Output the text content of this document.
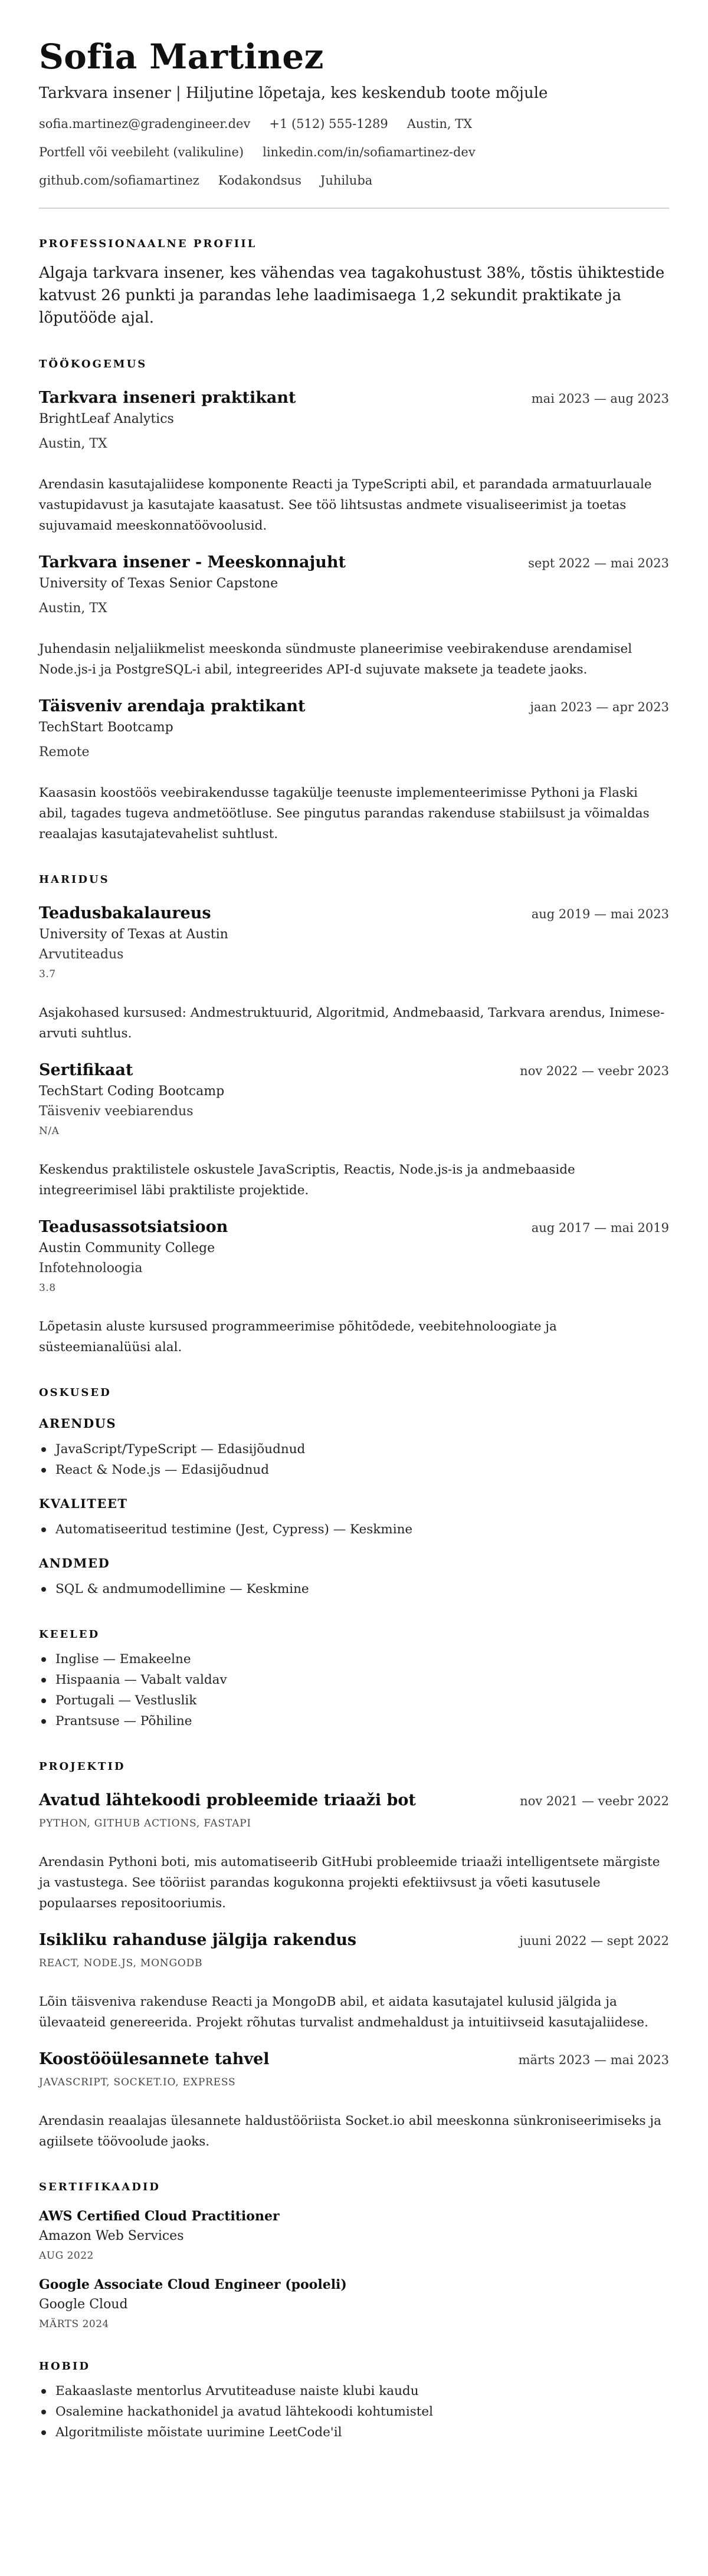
Sofia Martinez
Tarkvara insener | Hiljutine lõpetaja, kes keskendub toote mõjule
sofia.martinez@gradengineer.dev +1 (512) 555-1289 Austin, TX
Portfell või veebileht (valikuline) linkedin.com/in/sofiamartinez-dev
github.com/sofiamartinez Kodakondsus Juhiluba
PROFESSIONAALNE PROFIIL

Algaja tarkvara insener, kes vähendas vea tagakohustust 38%, tõstis ühiktestide katvust 26 punkti ja parandas lehe laadimisaega 1,2 sekundit praktikate ja lõputööde ajal.

TÖÖKOGEMUS
Tarkvara inseneri praktikant	mai 2023 — aug 2023
BrightLeaf Analytics
Austin, TX

Arendasin kasutajaliidese komponente Reacti ja TypeScripti abil, et parandada armatuurlauale vastupidavust ja kasutajate kaasatust. See töö lihtsustas andmete visualiseerimist ja toetas sujuvamaid meeskonnatöövoolusid.

Tarkvara insener - Meeskonnajuht	sept 2022 — mai 2023
University of Texas Senior Capstone
Austin, TX

Juhendasin neljaliikmelist meeskonda sündmuste planeerimise veebirakenduse arendamisel Node.js-i ja PostgreSQL-i abil, integreerides API-d sujuvate maksete ja teadete jaoks.

Täisveniv arendaja praktikant	jaan 2023 — apr 2023
TechStart Bootcamp
Remote

Kaasasin koostöös veebirakendusse tagakülje teenuste implementeerimisse Pythoni ja Flaski abil, tagades tugeva andmetöötluse. See pingutus parandas rakenduse stabiilsust ja võimaldas reaalajas kasutajatevahelist suhtlust.

HARIDUS
Teadusbakalaureus	aug 2019 — mai 2023
University of Texas at Austin
Arvutiteadus
3.7

Asjakohased kursused: Andmestruktuurid, Algoritmid, Andmebaasid, Tarkvara arendus, Inimese-arvuti suhtlus.

Sertifikaat	nov 2022 — veebr 2023
TechStart Coding Bootcamp
Täisveniv veebiarendus
N/A

Keskendus praktilistele oskustele JavaScriptis, Reactis, Node.js-is ja andmebaaside integreerimisel läbi praktiliste projektide.

Teadusassotsiatsioon	aug 2017 — mai 2019
Austin Community College
Infotehnoloogia
3.8

Lõpetasin aluste kursused programmeerimise põhitõdede, veebitehnoloogiate ja süsteemianalüüsi alal.

OSKUSED
ARENDUS
JavaScript/TypeScript — Edasijõudnud
React & Node.js — Edasijõudnud
KVALITEET
Automatiseeritud testimine (Jest, Cypress) — Keskmine
ANDMED
SQL & andmumodellimine — Keskmine
KEELED
Inglise — Emakeelne
Hispaania — Vabalt valdav
Portugali — Vestluslik
Prantsuse — Põhiline
PROJEKTID
Avatud lähtekoodi probleemide triaaži bot	nov 2021 — veebr 2022
PYTHON, GITHUB ACTIONS, FASTAPI

Arendasin Pythoni boti, mis automatiseerib GitHubi probleemide triaaži intelligentsete märgiste ja vastustega. See tööriist parandas kogukonna projekti efektiivsust ja võeti kasutusele populaarses repositooriumis.

Isikliku rahanduse jälgija rakendus	juuni 2022 — sept 2022
REACT, NODE.JS, MONGODB

Lõin täisveniva rakenduse Reacti ja MongoDB abil, et aidata kasutajatel kulusid jälgida ja ülevaateid genereerida. Projekt rõhutas turvalist andmehaldust ja intuitiivseid kasutajaliidese.

Koostööülesannete tahvel	märts 2023 — mai 2023
JAVASCRIPT, SOCKET.IO, EXPRESS

Arendasin reaalajas ülesannete haldustööriista Socket.io abil meeskonna sünkroniseerimiseks ja agiilsete töövoolude jaoks.

SERTIFIKAADID
AWS Certified Cloud Practitioner
Amazon Web Services
AUG 2022
Google Associate Cloud Engineer (pooleli)
Google Cloud
MÄRTS 2024
HOBID
Eakaaslaste mentorlus Arvutiteaduse naiste klubi kaudu
Osalemine hackathonidel ja avatud lähtekoodi kohtumistel
Algoritmiliste mõistate uurimine LeetCode'il
